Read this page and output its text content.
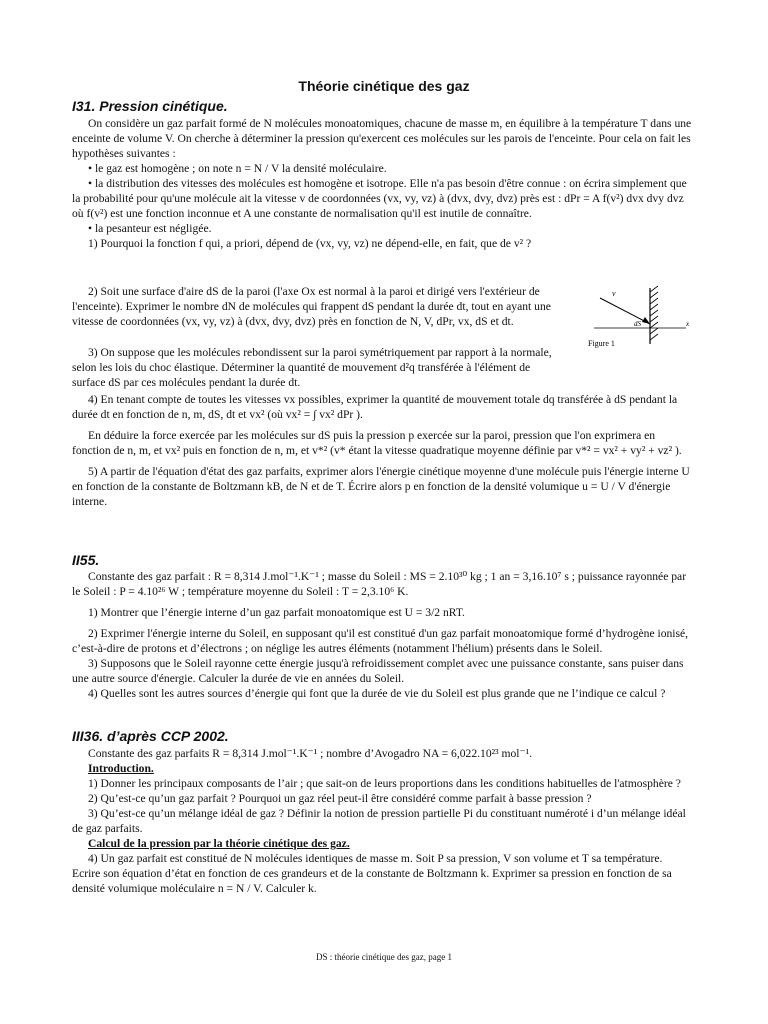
Théorie cinétique des gaz
I31. Pression cinétique.

On considère un gaz parfait formé de N molécules monoatomiques, chacune de masse m, en équilibre à la température T dans une enceinte de volume V. On cherche à déterminer la pression qu'exercent ces molécules sur les parois de l'enceinte. Pour cela on fait les hypothèses suivantes :

• le gaz est homogène ; on note n = N / V la densité moléculaire.

• la distribution des vitesses des molécules est homogène et isotrope. Elle n'a pas besoin d'être connue : on écrira simplement que la probabilité pour qu'une molécule ait la vitesse v de coordonnées (vx, vy, vz) à (dvx, dvy, dvz) près est : dPr = A f(v²) dvx dvy dvz où f(v²) est une fonction inconnue et A une constante de normalisation qu'il est inutile de connaître.

• la pesanteur est négligée.

1) Pourquoi la fonction f qui, a priori, dépend de (vx, vy, vz) ne dépend-elle, en fait, que de v² ?

2) Soit une surface d'aire dS de la paroi (l'axe Ox est normal à la paroi et dirigé vers l'extérieur de l'enceinte). Exprimer le nombre dN de molécules qui frappent dS pendant la durée dt, tout en ayant une vitesse de coordonnées (vx, vy, vz) à (dvx, dvy, dvz) près en fonction de N, V, dPr, vx, dS et dt.

3) On suppose que les molécules rebondissent sur la paroi symétriquement par rapport à la normale, selon les lois du choc élastique. Déterminer la quantité de mouvement d²q transférée à l'élément de surface dS par ces molécules pendant la durée dt.

4) En tenant compte de toutes les vitesses vx possibles, exprimer la quantité de mouvement totale dq transférée à dS pendant la durée dt en fonction de n, m, dS, dt et vx² (où vx² = ∫ vx² dPr ).

En déduire la force exercée par les molécules sur dS puis la pression p exercée sur la paroi, pression que l'on exprimera en fonction de n, m, et vx² puis en fonction de n, m, et v*² (v* étant la vitesse quadratique moyenne définie par v*² = vx² + vy² + vz² ).

5) A partir de l'équation d'état des gaz parfaits, exprimer alors l'énergie cinétique moyenne d'une molécule puis l'énergie interne U en fonction de la constante de Boltzmann kB, de N et de T. Écrire alors p en fonction de la densité volumique u = U / V d'énergie interne.

v
dS	x
Figure 1
II55.

Constante des gaz parfait : R = 8,314 J.mol⁻¹.K⁻¹ ; masse du Soleil : MS = 2.10³⁰ kg ; 1 an = 3,16.10⁷ s ; puissance rayonnée par le Soleil : P = 4.10²⁶ W ; température moyenne du Soleil : T = 2,3.10⁶ K.

1) Montrer que l’énergie interne d’un gaz parfait monoatomique est U = 3/2 nRT.

2) Exprimer l'énergie interne du Soleil, en supposant qu'il est constitué d'un gaz parfait monoatomique formé d’hydrogène ionisé, c’est-à-dire de protons et d’électrons ; on néglige les autres éléments (notamment l'hélium) présents dans le Soleil.

3) Supposons que le Soleil rayonne cette énergie jusqu'à refroidissement complet avec une puissance constante, sans puiser dans une autre source d'énergie. Calculer la durée de vie en années du Soleil.

4) Quelles sont les autres sources d’énergie qui font que la durée de vie du Soleil est plus grande que ne l’indique ce calcul ?

III36. d’après CCP 2002.

Constante des gaz parfaits R = 8,314 J.mol⁻¹.K⁻¹ ; nombre d’Avogadro NA = 6,022.10²³ mol⁻¹.

Introduction.

1) Donner les principaux composants de l’air ; que sait-on de leurs proportions dans les conditions habituelles de l'atmosphère ?

2) Qu’est-ce qu’un gaz parfait ? Pourquoi un gaz réel peut-il être considéré comme parfait à basse pression ?

3) Qu’est-ce qu’un mélange idéal de gaz ? Définir la notion de pression partielle Pi du constituant numéroté i d’un mélange idéal de gaz parfaits.

Calcul de la pression par la théorie cinétique des gaz.

4) Un gaz parfait est constitué de N molécules identiques de masse m. Soit P sa pression, V son volume et T sa température. Ecrire son équation d’état en fonction de ces grandeurs et de la constante de Boltzmann k. Exprimer sa pression en fonction de sa densité volumique moléculaire n = N / V. Calculer k.

DS : théorie cinétique des gaz, page 1
